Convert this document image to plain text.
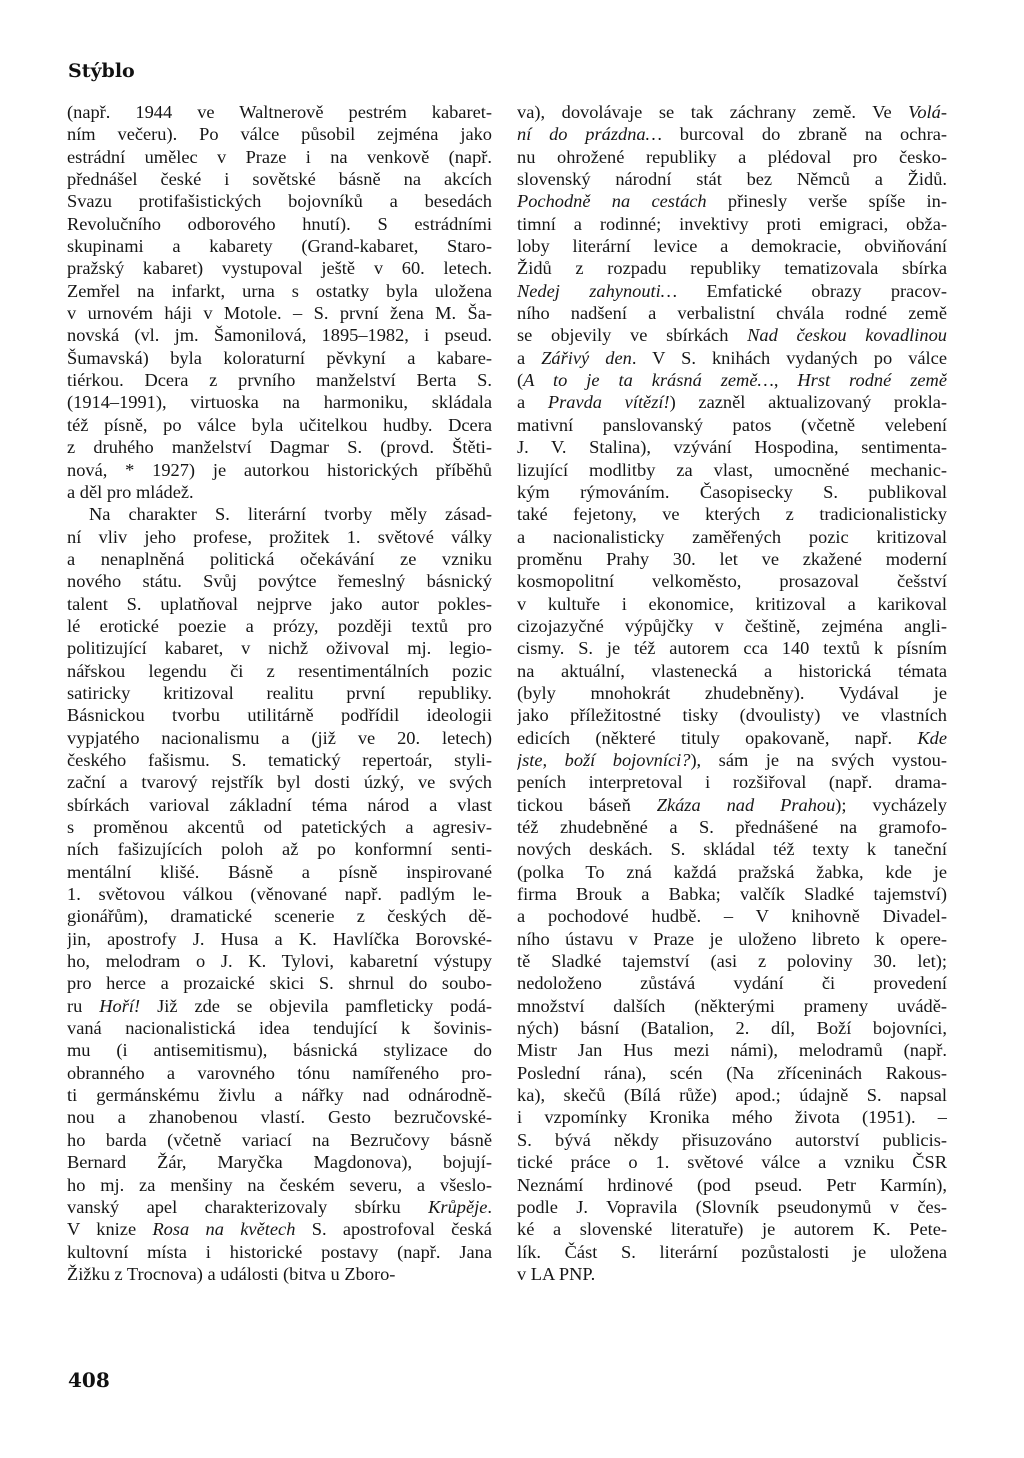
Stýblo
(např. 1944 ve Waltnerově pestrém kabaret-
ním večeru). Po válce působil zejména jako
estrádní umělec v Praze i na venkově (např.
přednášel české i sovětské básně na akcích
Svazu protifašistických bojovníků a besedách
Revolučního odborového hnutí). S estrádními
skupinami a kabarety (Grand-kabaret, Staro-
pražský kabaret) vystupoval ještě v 60. letech.
Zemřel na infarkt, urna s ostatky byla uložena
v urnovém háji v Motole. – S. první žena M. Ša-
novská (vl. jm. Šamonilová, 1895–1982, i pseud.
Šumavská) byla koloraturní pěvkyní a kabare-
tiérkou. Dcera z prvního manželství Berta S.
(1914–1991), virtuoska na harmoniku, skládala
též písně, po válce byla učitelkou hudby. Dcera
z druhého manželství Dagmar S. (provd. Štěti-
nová, * 1927) je autorkou historických příběhů
a děl pro mládež.
Na charakter S. literární tvorby měly zásad-
ní vliv jeho profese, prožitek 1. světové války
a nenaplněná politická očekávání ze vzniku
nového státu. Svůj povýtce řemeslný básnický
talent S. uplatňoval nejprve jako autor pokles-
lé erotické poezie a prózy, později textů pro
politizující kabaret, v nichž oživoval mj. legio-
nářskou legendu či z resentimentálních pozic
satiricky kritizoval realitu první republiky.
Básnickou tvorbu utilitárně podřídil ideologii
vypjatého nacionalismu a (již ve 20. letech)
českého fašismu. S. tematický repertoár, styli-
zační a tvarový rejstřík byl dosti úzký, ve svých
sbírkách varioval základní téma národ a vlast
s proměnou akcentů od patetických a agresiv-
ních fašizujících poloh až po konformní senti-
mentální klišé. Básně a písně inspirované
1. světovou válkou (věnované např. padlým le-
gionářům), dramatické scenerie z českých dě-
jin, apostrofy J. Husa a K. Havlíčka Borovské-
ho, melodram o J. K. Tylovi, kabaretní výstupy
pro herce a prozaické skici S. shrnul do soubo-
ru Hoří! Již zde se objevila pamfleticky podá-
vaná nacionalistická idea tendující k šovinis-
mu (i antisemitismu), básnická stylizace do
obranného a varovného tónu namířeného pro-
ti germánskému živlu a nářky nad odnárodně-
nou a zhanobenou vlastí. Gesto bezručovské-
ho barda (včetně variací na Bezručovy básně
Bernard Žár, Maryčka Magdonova), bojují-
ho mj. za menšiny na českém severu, a všeslo-
vanský apel charakterizovaly sbírku Krůpěje.
V knize Rosa na květech S. apostrofoval česká
kultovní místa i historické postavy (např. Jana
Žižku z Trocnova) a události (bitva u Zboro-
va), dovolávaje se tak záchrany země. Ve Volá-
ní do prázdna… burcoval do zbraně na ochra-
nu ohrožené republiky a plédoval pro česko-
slovenský národní stát bez Němců a Židů.
Pochodně na cestách přinesly verše spíše in-
timní a rodinné; invektivy proti emigraci, obža-
loby literární levice a demokracie, obviňování
Židů z rozpadu republiky tematizovala sbírka
Nedej zahynouti… Emfatické obrazy pracov-
ního nadšení a verbalistní chvála rodné země
se objevily ve sbírkách Nad českou kovadlinou
a Zářivý den. V S. knihách vydaných po válce
(A to je ta krásná země…, Hrst rodné země
a Pravda vítězí!) zazněl aktualizovaný prokla-
mativní panslovanský patos (včetně velebení
J. V. Stalina), vzývání Hospodina, sentimenta-
lizující modlitby za vlast, umocněné mechanic-
kým rýmováním. Časopisecky S. publikoval
také fejetony, ve kterých z tradicionalisticky
a nacionalisticky zaměřených pozic kritizoval
proměnu Prahy 30. let ve zkažené moderní
kosmopolitní velkoměsto, prosazoval češství
v kultuře i ekonomice, kritizoval a karikoval
cizojazyčné výpůjčky v češtině, zejména angli-
cismy. S. je též autorem cca 140 textů k písním
na aktuální, vlastenecká a historická témata
(byly mnohokrát zhudebněny). Vydával je
jako příležitostné tisky (dvoulisty) ve vlastních
edicích (některé tituly opakovaně, např. Kde
jste, boží bojovníci?), sám je na svých vystou-
peních interpretoval i rozšiřoval (např. drama-
tickou báseň Zkáza nad Prahou); vycházely
též zhudebněné a S. přednášené na gramofo-
nových deskách. S. skládal též texty k taneční
(polka To zná každá pražská žabka, kde je
firma Brouk a Babka; valčík Sladké tajemství)
a pochodové hudbě. – V knihovně Divadel-
ního ústavu v Praze je uloženo libreto k opere-
tě Sladké tajemství (asi z poloviny 30. let);
nedoloženo zůstává vydání či provedení
množství dalších (některými prameny uvádě-
ných) básní (Batalion, 2. díl, Boží bojovníci,
Mistr Jan Hus mezi námi), melodramů (např.
Poslední rána), scén (Na zříceninách Rakous-
ka), skečů (Bílá růže) apod.; údajně S. napsal
i vzpomínky Kronika mého života (1951). –
S. bývá někdy přisuzováno autorství publicis-
tické práce o 1. světové válce a vzniku ČSR
Neznámí hrdinové (pod pseud. Petr Karmín),
podle J. Vopravila (Slovník pseudonymů v čes-
ké a slovenské literatuře) je autorem K. Pete-
lík. Část S. literární pozůstalosti je uložena
v LA PNP.
408
